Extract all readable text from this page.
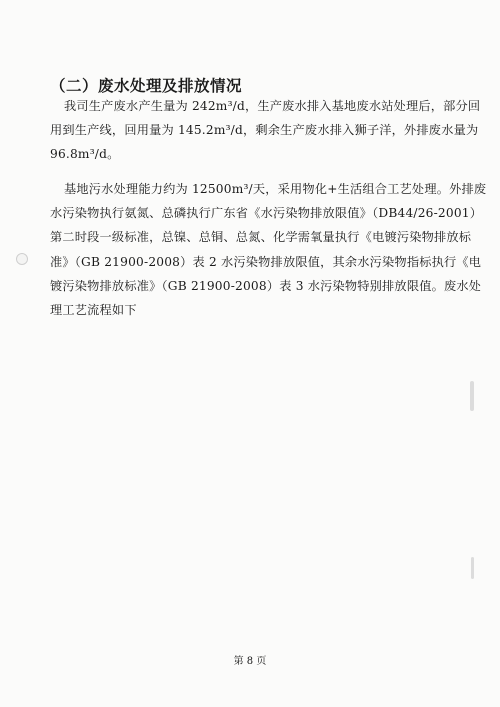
（二）废水处理及排放情况
我司生产废水产生量为 242m³/d，生产废水排入基地废水站处理后，部分回
用到生产线，回用量为 145.2m³/d，剩余生产废水排入狮子洋，外排废水量为
96.8m³/d。
基地污水处理能力约为 12500m³/天，采用物化+生活组合工艺处理。外排废
水污染物执行氨氮、总磷执行广东省《水污染物排放限值》（DB44/26-2001）
第二时段一级标准，总镍、总铜、总氮、化学需氧量执行《电镀污染物排放标
准》（GB 21900-2008）表 2 水污染物排放限值，其余水污染物指标执行《电
镀污染物排放标准》（GB 21900-2008）表 3 水污染物特别排放限值。废水处
理工艺流程如下
第 8 页
